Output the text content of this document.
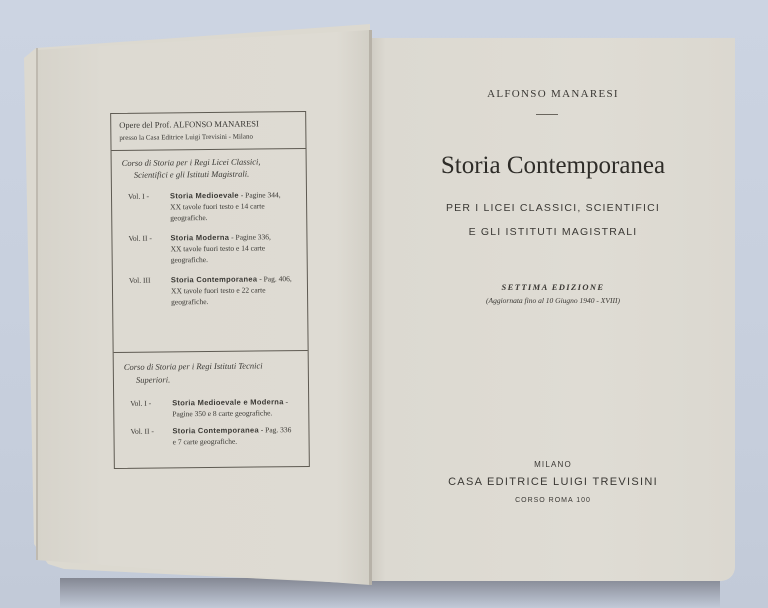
Opere del Prof. ALFONSO MANARESI
presso la Casa Editrice Luigi Trevisini - Milano
Corso di Storia per i Regi Licei Classici,
Scientifici e gli Istituti Magistrali.
Vol. I -	Storia Medioevale - Pagine 344,
XX tavole fuori testo e 14 carte
geografiche.
Vol. II -	Storia Moderna - Pagine 336,
XX tavole fuori testo e 14 carte
geografiche.
Vol. III	Storia Contemporanea - Pag. 406,
XX tavole fuori testo e 22 carte
geografiche.
Corso di Storia per i Regi Istituti Tecnici
Superiori.
Vol. I -	Storia Medioevale e Moderna -
Pagine 350 e 8 carte geografiche.
Vol. II -	Storia Contemporanea - Pag. 336
e 7 carte geografiche.
ALFONSO MANARESI
Storia Contemporanea
PER I LICEI CLASSICI, SCIENTIFICI
E GLI ISTITUTI MAGISTRALI
SETTIMA EDIZIONE
(Aggiornata fino al 10 Giugno 1940 - XVIII)
MILANO
CASA EDITRICE LUIGI TREVISINI
CORSO ROMA 100
